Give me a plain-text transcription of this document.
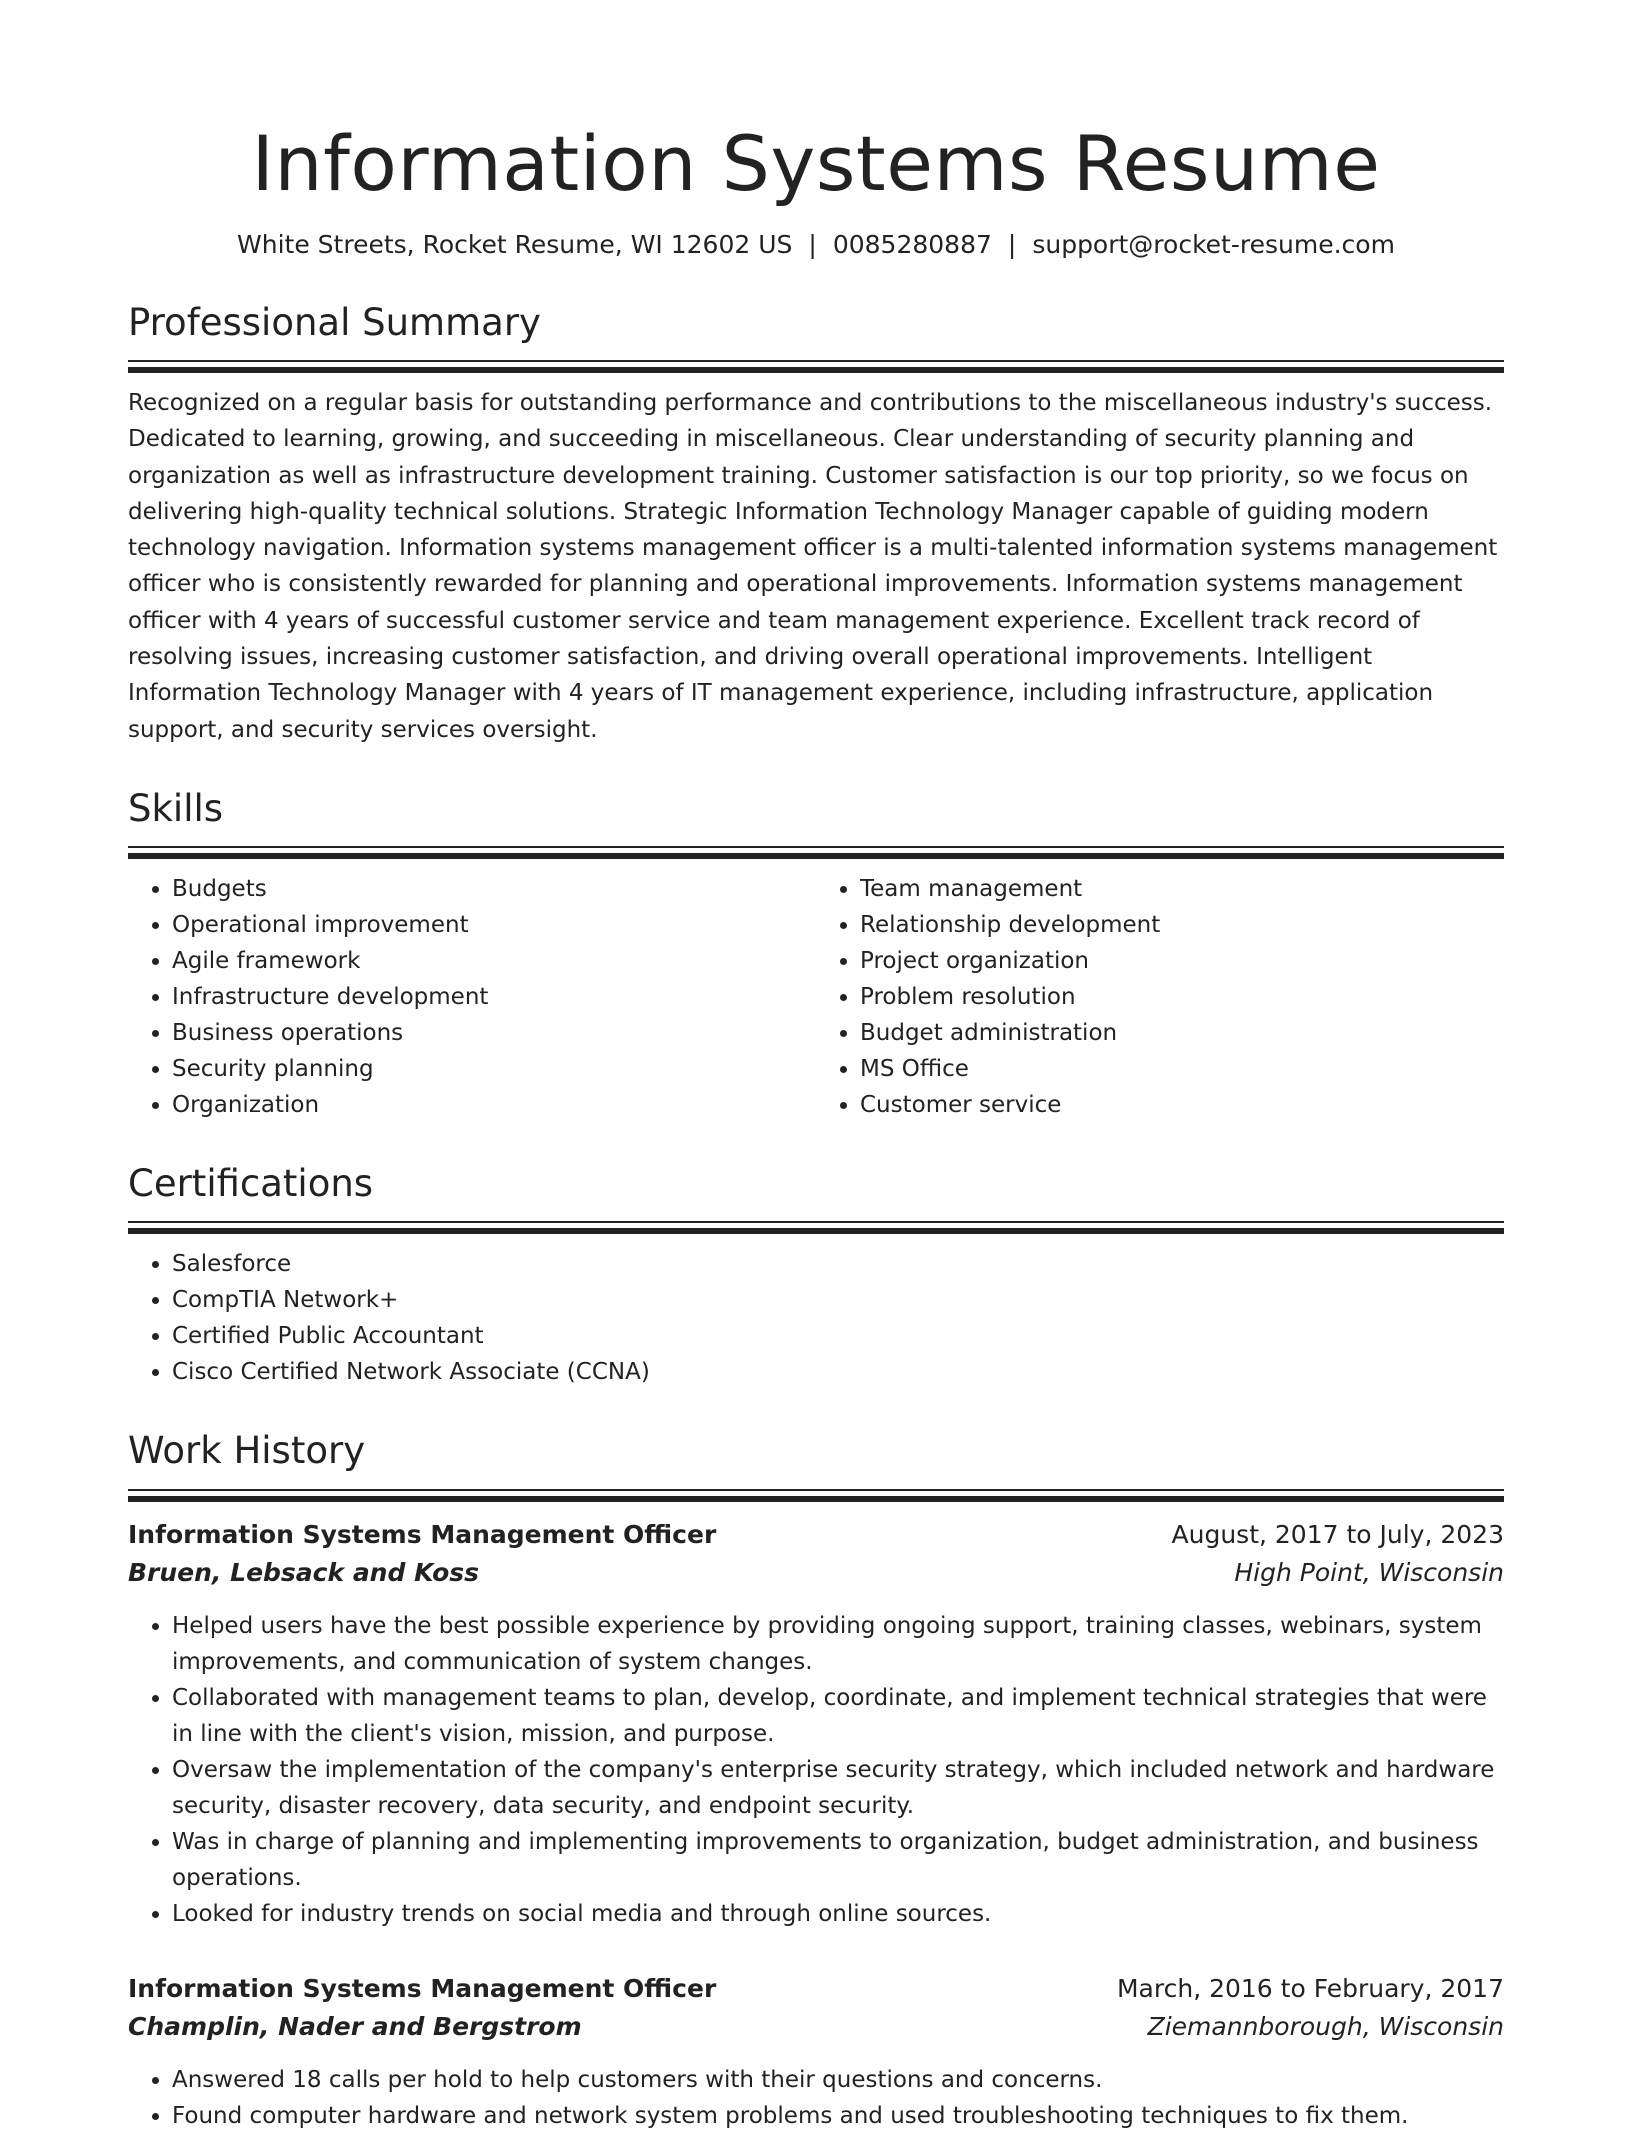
Information Systems Resume
White Streets, Rocket Resume, WI 12602 US | 0085280887 | support@rocket-resume.com
Professional Summary

Recognized on a regular basis for outstanding performance and contributions to the miscellaneous industry's success. Dedicated to learning, growing, and succeeding in miscellaneous. Clear understanding of security planning and organization as well as infrastructure development training. Customer satisfaction is our top priority, so we focus on delivering high-quality technical solutions. Strategic Information Technology Manager capable of guiding modern technology navigation. Information systems management officer is a multi-talented information systems management officer who is consistently rewarded for planning and operational improvements. Information systems management officer with 4 years of successful customer service and team management experience. Excellent track record of resolving issues, increasing customer satisfaction, and driving overall operational improvements. Intelligent Information Technology Manager with 4 years of IT management experience, including infrastructure, application support, and security services oversight.

Skills
• Budgets
• Operational improvement
• Agile framework
• Infrastructure development
• Business operations
• Security planning
• Organization
• Team management
• Relationship development
• Project organization
• Problem resolution
• Budget administration
• MS Office
• Customer service
Certifications
• Salesforce
• CompTIA Network+
• Certified Public Accountant
• Cisco Certified Network Associate (CCNA)
Work History
Information Systems Management Officer	August, 2017 to July, 2023
Bruen, Lebsack and Koss	High Point, Wisconsin
• Helped users have the best possible experience by providing ongoing support, training classes, webinars, system improvements, and communication of system changes.
• Collaborated with management teams to plan, develop, coordinate, and implement technical strategies that were in line with the client's vision, mission, and purpose.
• Oversaw the implementation of the company's enterprise security strategy, which included network and hardware security, disaster recovery, data security, and endpoint security.
• Was in charge of planning and implementing improvements to organization, budget administration, and business operations.
• Looked for industry trends on social media and through online sources.
Information Systems Management Officer	March, 2016 to February, 2017
Champlin, Nader and Bergstrom	Ziemannborough, Wisconsin
• Answered 18 calls per hold to help customers with their questions and concerns.
• Found computer hardware and network system problems and used troubleshooting techniques to fix them.
